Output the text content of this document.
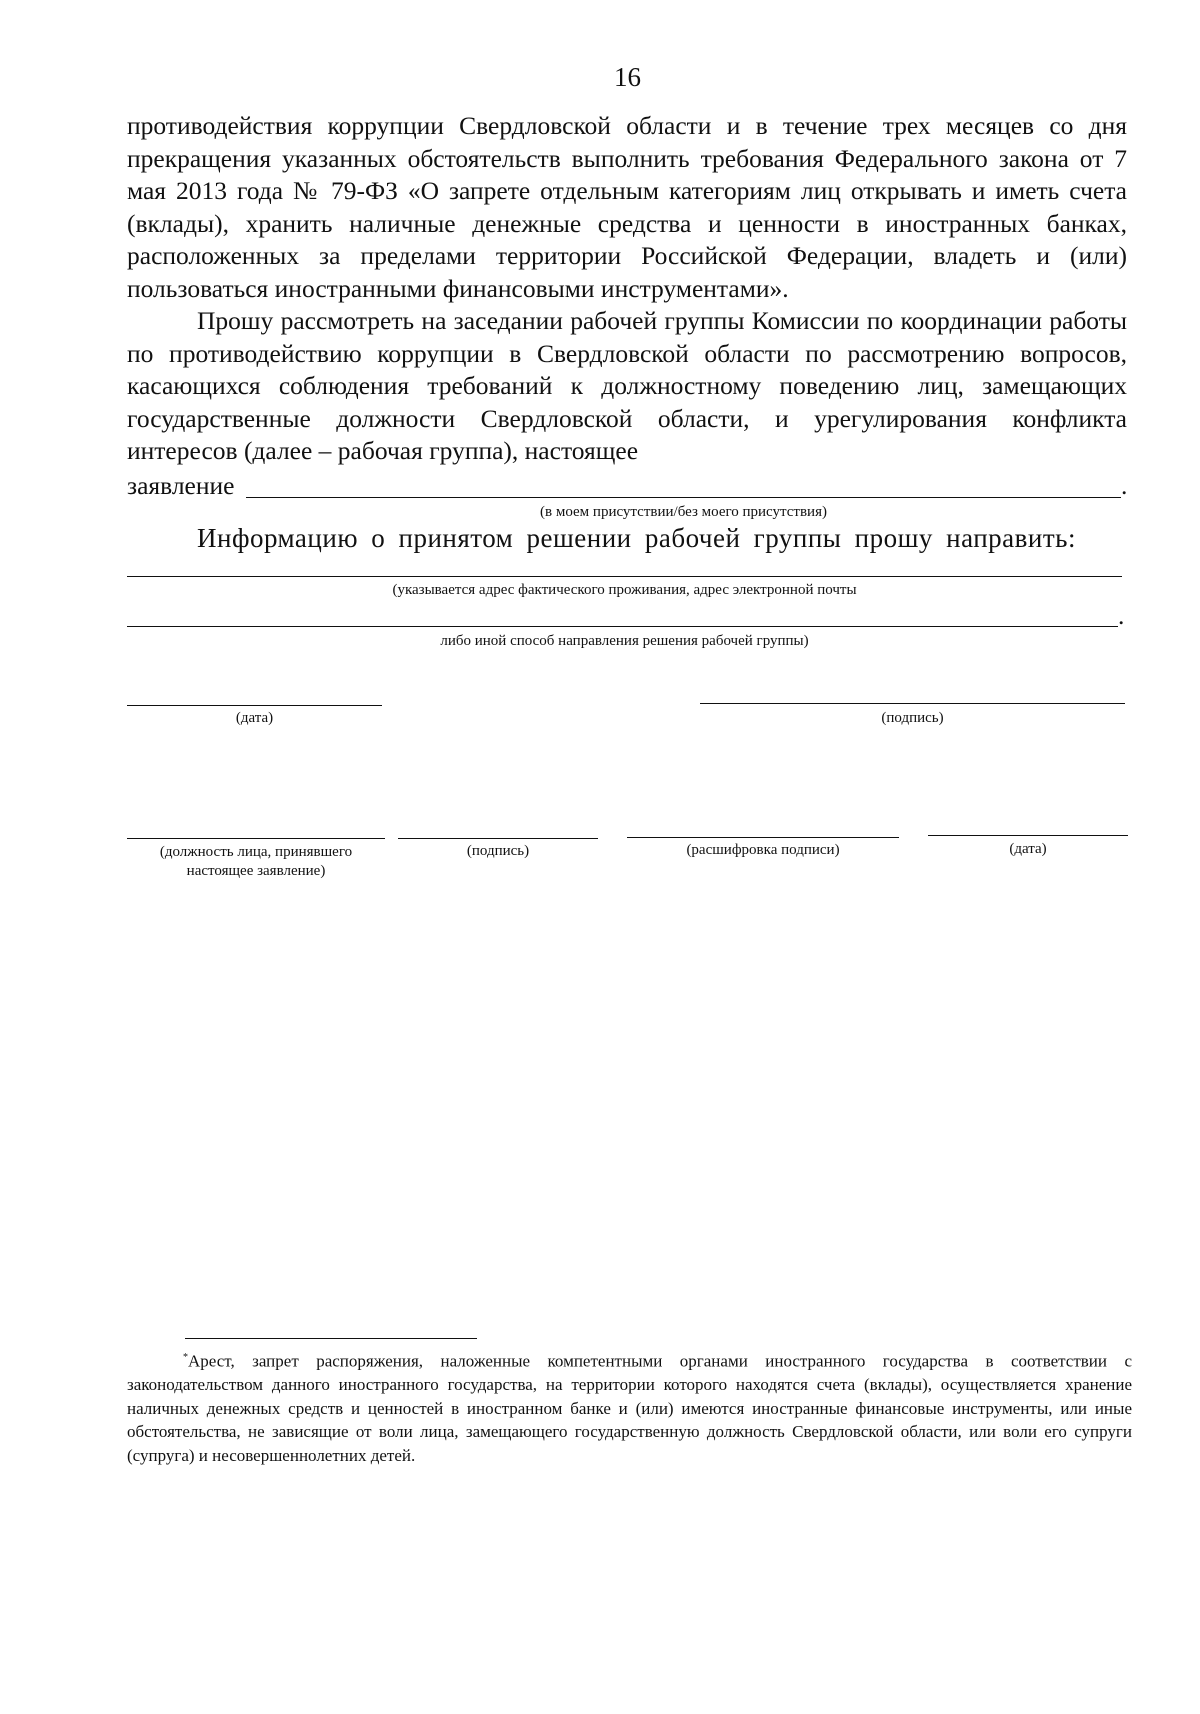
16

противодействия коррупции Свердловской области и в течение трех месяцев со дня прекращения указанных обстоятельств выполнить требования Федерального закона от 7 мая 2013 года № 79-ФЗ «О запрете отдельным категориям лиц открывать и иметь счета (вклады), хранить наличные денежные средства и ценности в иностранных банках, расположенных за пределами территории Российской Федерации, владеть и (или) пользоваться иностранными финансовыми инструментами».

Прошу рассмотреть на заседании рабочей группы Комиссии по координации работы по противодействию коррупции в Свердловской области по рассмотрению вопросов, касающихся соблюдения требований к должностному поведению лиц, замещающих государственные должности Свердловской области, и урегулирования конфликта интересов (далее – рабочая группа), настоящее

заявление	.
(в моем присутствии/без моего присутствия)
Информацию о принятом решении рабочей группы прошу направить:
(указывается адрес фактического проживания, адрес электронной почты
.
либо иной способ направления решения рабочей группы)
(дата)	(подпись)
(должность лица, принявшего
настоящее заявление)
(подпись)	(расшифровка подписи)	(дата)
*Арест, запрет распоряжения, наложенные компетентными органами иностранного государства в соответствии с законодательством данного иностранного государства, на территории которого находятся счета (вклады), осуществляется хранение наличных денежных средств и ценностей в иностранном банке и (или) имеются иностранные финансовые инструменты, или иные обстоятельства, не зависящие от воли лица, замещающего государственную должность Свердловской области, или воли его супруги (супруга) и несовершеннолетних детей.
